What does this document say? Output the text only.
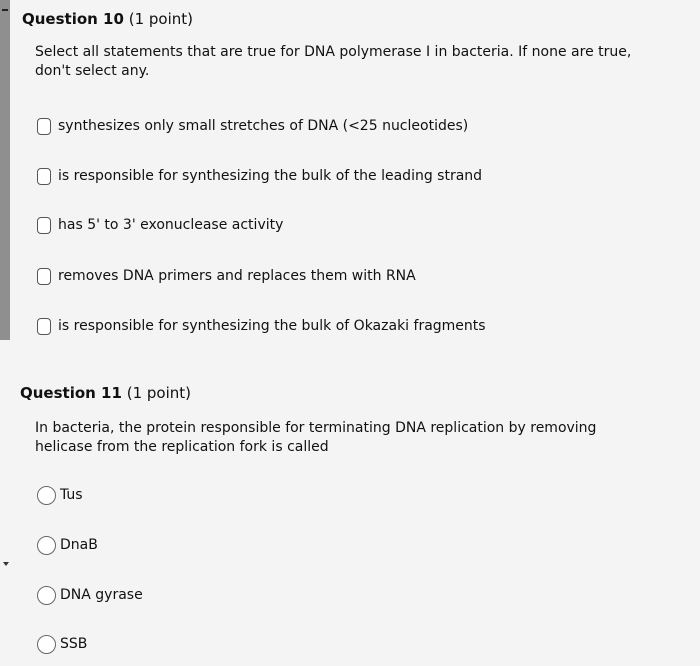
Question 10 (1 point)
Select all statements that are true for DNA polymerase I in bacteria. If none are true,
don't select any.
synthesizes only small stretches of DNA (<25 nucleotides)
is responsible for synthesizing the bulk of the leading strand
has 5' to 3' exonuclease activity
removes DNA primers and replaces them with RNA
is responsible for synthesizing the bulk of Okazaki fragments
Question 11 (1 point)
In bacteria, the protein responsible for terminating DNA replication by removing
helicase from the replication fork is called
Tus
DnaB
DNA gyrase
SSB
